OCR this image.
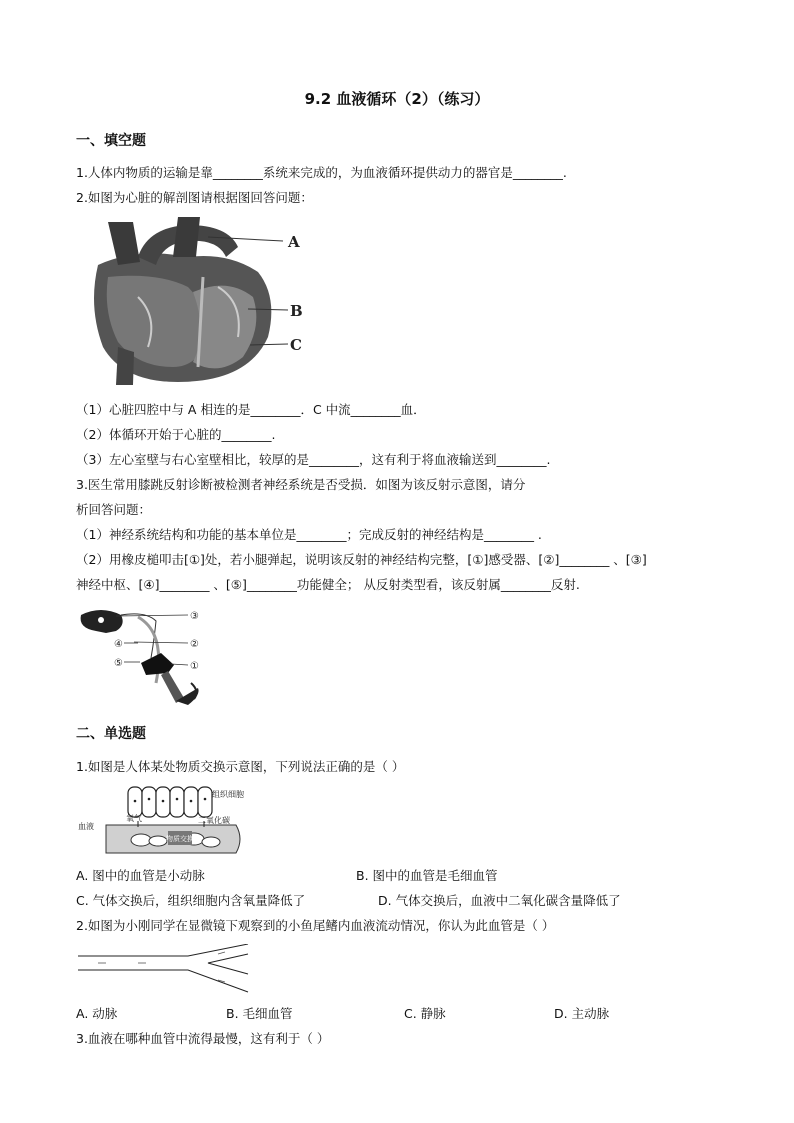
9.2 血液循环（2）（练习）
一、填空题
1.人体内物质的运输是靠________系统来完成的，为血液循环提供动力的器官是________.
2.如图为心脏的解剖图请根据图回答问题：
A
B
C
（1）心脏四腔中与 A 相连的是________．C 中流________血．
（2）体循环开始于心脏的________.
（3）左心室壁与右心室壁相比，较厚的是________，这有利于将血液输送到________.
3.医生常用膝跳反射诊断被检测者神经系统是否受损．如图为该反射示意图，请分
析回答问题：
（1）神经系统结构和功能的基本单位是________；完成反射的神经结构是________ .
（2）用橡皮槌叩击[①]处，若小腿弹起，说明该反射的神经结构完整，[①]感受器、[②]________ 、[③]
神经中枢、[④]________ 、[⑤]________功能健全； 从反射类型看，该反射属________反射.
③
②
①
④
⑤
二、单选题
1.如图是人体某处物质交换示意图，下列说法正确的是（ ）
组织细胞
血液
氧气	二氧化碳
物质交换
A. 图中的血管是小动脉	B. 图中的血管是毛细血管
C. 气体交换后，组织细胞内含氧量降低了	D. 气体交换后，血液中二氧化碳含量降低了
2.如图为小刚同学在显微镜下观察到的小鱼尾鳍内血液流动情况，你认为此血管是（ ）
A. 动脉	B. 毛细血管	C. 静脉	D. 主动脉
3.血液在哪种血管中流得最慢，这有利于（ ）
